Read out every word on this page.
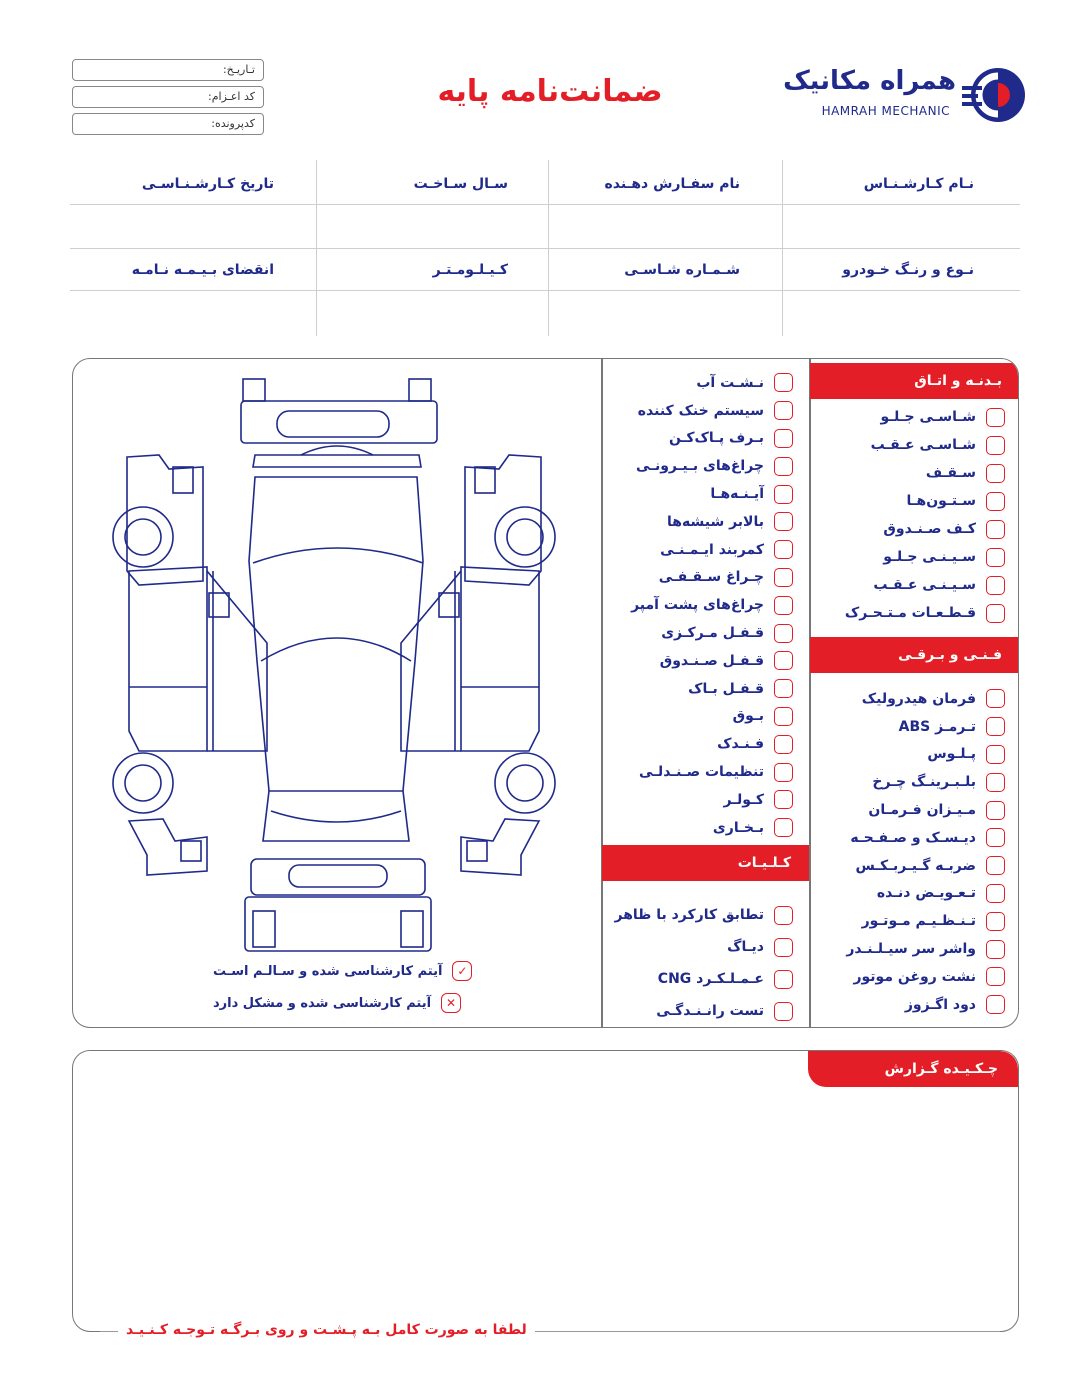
همراه مکانیک
HAMRAH MECHANIC
ضمانت‌نامه پایه
تـاریـخ:
کد اعـزام:
کدپرونده:
نـام کـارشـنـاس
نام سفـارش دهـنده
سـال سـاخـت
تاریخ کـارشـنـاسـی
نـوع و رنـگ خـودرو
شـمـاره شـاسـی
کـیـلـومـتـر
انقضای بـیـمـه نـامـه
بـدنـه و اتـاق
شـاسـی جـلـو
شـاسـی عـقـب
سـقـف
سـتـون‌هـا
کـف صـنـدوق
سـیـنـی جـلـو
سـیـنـی عـقـب
قـطـعـات مـتـحـرک
فـنـی و بـرقـی
فرمان هیدرولیک
تـرمـز ABS
پـلـوس
بلـبـرینـگ چـرخ
مـیـزان فـرمـان
دیـسـک و صـفـحـه
ضربـه گـیـربـکـس
تـعـویـض دنـده
تـنـظـیـم مـوتـور
واشر سر سیـلـنـدر
نشت روغن موتور
دود اگـزوز
نـشـت آب
سیستم خنک کننده
بـرف پـاک‌کـن
چراغ‌های بـیـرونـی
آیـنـه‌هـا
بالابر شیشه‌ها
کمربند ایـمـنـی
چـراغ سـقـفـی
چراغ‌های پشت آمپر
قـفـل مـرکـزی
قـفـل صـنـدوق
قـفـل بـاک
بـوق
فـنـدک
تنظیمات صـنـدلـی
کـولـر
بـخـاری
کـلـیـات
تطابق کارکرد با ظاهر
دیـاگ
عـمـلـکـرد CNG
تست رانـنـدگـی
✓
آیتم کارشناسی شده و سـالـم اسـت
✕
آیتم کارشناسی شده و مشکل دارد
چـکـیـده گـزارش
لطفا به صورت کامل بـه پـشـت و روی بـرگـه تـوجـه کـنـیـد
